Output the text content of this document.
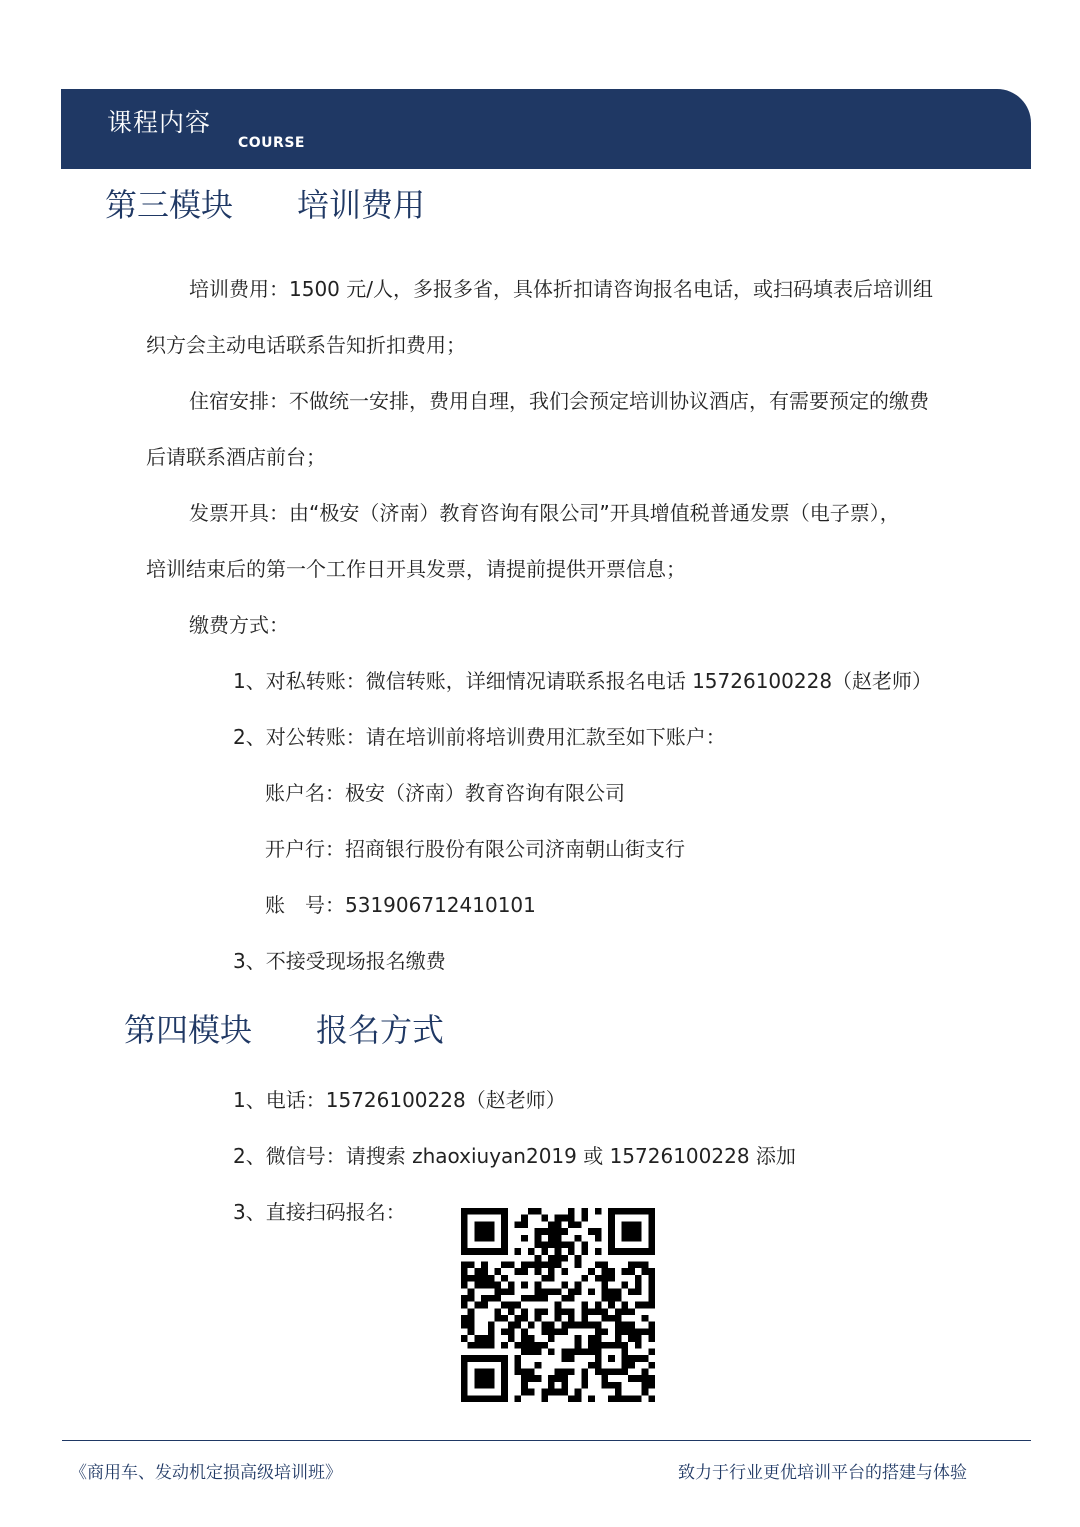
课程内容
COURSE
第三模块 培训费用
培训费用：1500 元/人，多报多省，具体折扣请咨询报名电话，或扫码填表后培训组
织方会主动电话联系告知折扣费用；
住宿安排：不做统一安排，费用自理，我们会预定培训协议酒店，有需要预定的缴费
后请联系酒店前台；
发票开具：由“极安（济南）教育咨询有限公司”开具增值税普通发票（电子票），
培训结束后的第一个工作日开具发票，请提前提供开票信息；
缴费方式：
1、对私转账：微信转账，详细情况请联系报名电话 15726100228（赵老师）
2、对公转账：请在培训前将培训费用汇款至如下账户：
账户名：极安（济南）教育咨询有限公司
开户行：招商银行股份有限公司济南朝山街支行
账　号：531906712410101
3、不接受现场报名缴费
第四模块 报名方式
1、电话：15726100228（赵老师）
2、微信号：请搜索 zhaoxiuyan2019 或 15726100228 添加
3、直接扫码报名：
《商用车、发动机定损高级培训班》	致力于行业更优培训平台的搭建与体验
